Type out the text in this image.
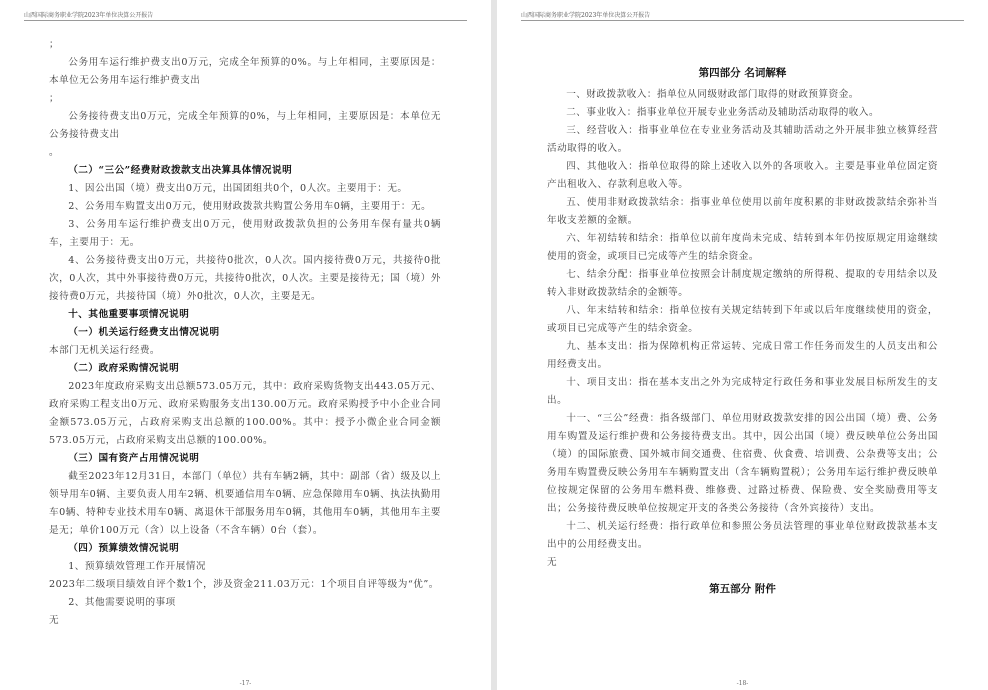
山西国际商务职业学院2023年单位决算公开报告
；
公务用车运行维护费支出0万元，完成全年预算的0%。与上年相同，主要原因是：本单位无公务用车运行维护费支出
；
公务接待费支出0万元，完成全年预算的0%，与上年相同，主要原因是：本单位无公务接待费支出
。
（二）“三公”经费财政拨款支出决算具体情况说明
1、因公出国（境）费支出0万元，出国团组共0个，0人次。主要用于：无。
2、公务用车购置支出0万元，使用财政拨款共购置公务用车0辆，主要用于：无。
3、公务用车运行维护费支出0万元，使用财政拨款负担的公务用车保有量共0辆车，主要用于：无。
4、公务接待费支出0万元，共接待0批次，0人次。国内接待费0万元，共接待0批次，0人次，其中外事接待费0万元，共接待0批次，0人次。主要是接待无；国（境）外接待费0万元，共接待国（境）外0批次，0人次，主要是无。
十、其他重要事项情况说明
（一）机关运行经费支出情况说明
本部门无机关运行经费。
（二）政府采购情况说明
2023年度政府采购支出总额573.05万元，其中：政府采购货物支出443.05万元、政府采购工程支出0万元、政府采购服务支出130.00万元。政府采购授予中小企业合同金额573.05万元，占政府采购支出总额的100.00%。其中：授予小微企业合同金额573.05万元，占政府采购支出总额的100.00%。
（三）国有资产占用情况说明
截至2023年12月31日，本部门（单位）共有车辆2辆，其中：副部（省）级及以上领导用车0辆、主要负责人用车2辆、机要通信用车0辆、应急保障用车0辆、执法执勤用车0辆、特种专业技术用车0辆、离退休干部服务用车0辆，其他用车0辆，其他用车主要是无；单价100万元（含）以上设备（不含车辆）0台（套）。
（四）预算绩效情况说明
1、预算绩效管理工作开展情况
2023年二级项目绩效自评个数1个，涉及资金211.03万元：1个项目自评等级为“优”。
2、其他需要说明的事项
无
-17-
山西国际商务职业学院2023年单位决算公开报告
第四部分 名词解释
一、财政拨款收入：指单位从同级财政部门取得的财政预算资金。
二、事业收入：指事业单位开展专业业务活动及辅助活动取得的收入。
三、经营收入：指事业单位在专业业务活动及其辅助活动之外开展非独立核算经营活动取得的收入。
四、其他收入：指单位取得的除上述收入以外的各项收入。主要是事业单位固定资产出租收入、存款利息收入等。
五、使用非财政拨款结余：指事业单位使用以前年度积累的非财政拨款结余弥补当年收支差额的金额。
六、年初结转和结余：指单位以前年度尚未完成、结转到本年仍按原规定用途继续使用的资金，或项目已完成等产生的结余资金。
七、结余分配：指事业单位按照会计制度规定缴纳的所得税、提取的专用结余以及转入非财政拨款结余的金额等。
八、年末结转和结余：指单位按有关规定结转到下年或以后年度继续使用的资金，或项目已完成等产生的结余资金。
九、基本支出：指为保障机构正常运转、完成日常工作任务而发生的人员支出和公用经费支出。
十、项目支出：指在基本支出之外为完成特定行政任务和事业发展目标所发生的支出。
十一、“三公”经费：指各级部门、单位用财政拨款安排的因公出国（境）费、公务用车购置及运行维护费和公务接待费支出。其中，因公出国（境）费反映单位公务出国（境）的国际旅费、国外城市间交通费、住宿费、伙食费、培训费、公杂费等支出；公务用车购置费反映公务用车车辆购置支出（含车辆购置税）；公务用车运行维护费反映单位按规定保留的公务用车燃料费、维修费、过路过桥费、保险费、安全奖励费用等支出；公务接待费反映单位按规定开支的各类公务接待（含外宾接待）支出。
十二、机关运行经费：指行政单位和参照公务员法管理的事业单位财政拨款基本支出中的公用经费支出。
无
第五部分 附件
-18-
